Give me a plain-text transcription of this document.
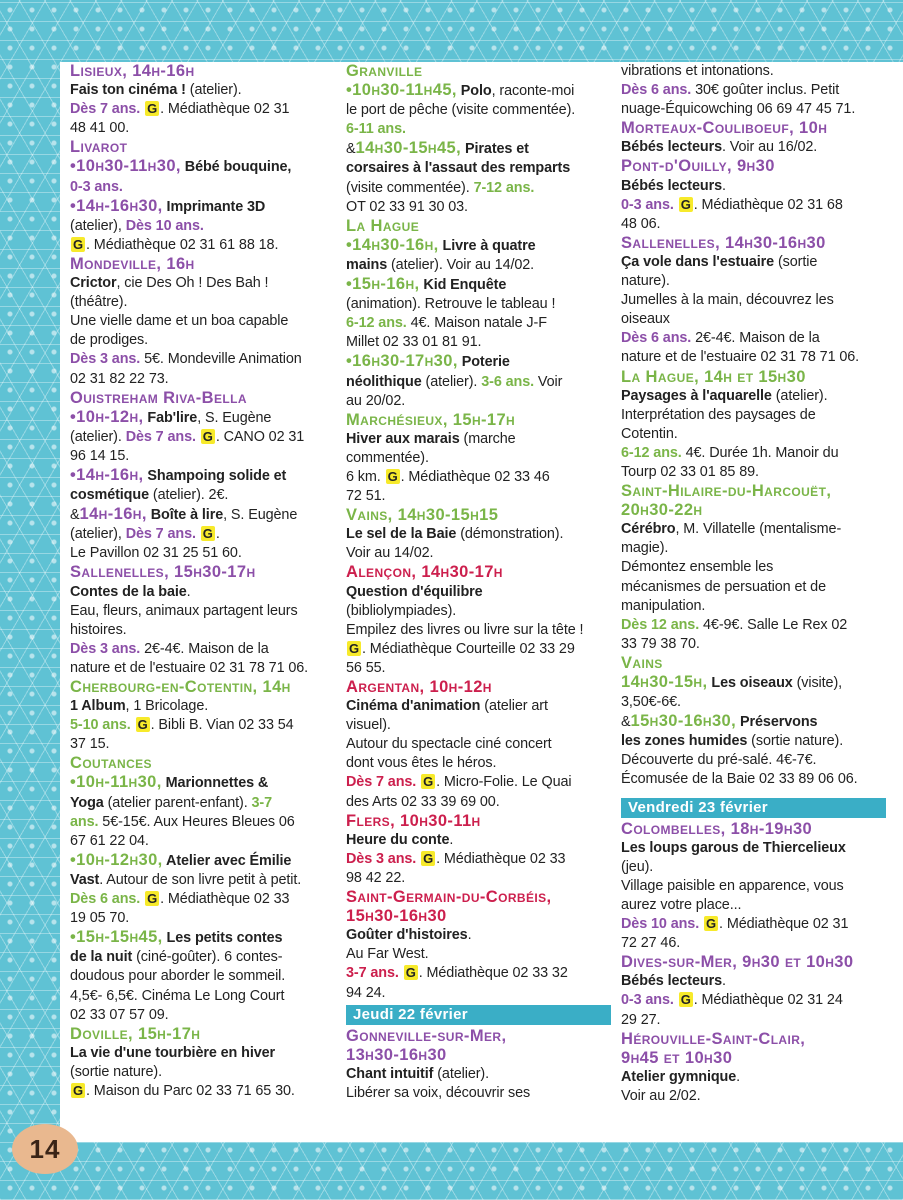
Lisieux, 14h-16h
Fais ton cinéma ! (atelier).
Dès 7 ans. G . Médiathèque 02 31
48 41 00.
Livarot
•10h30-11h30, Bébé bouquine,
0-3 ans.
•14h-16h30, Imprimante 3D
(atelier), Dès 10 ans.
G . Médiathèque 02 31 61 88 18.
Mondeville, 16h
Crictor, cie Des Oh ! Des Bah !
(théâtre).
Une vielle dame et un boa capable
de prodiges.
Dès 3 ans. 5€. Mondeville Animation
02 31 82 22 73.
Ouistreham Riva-Bella
•10h-12h, Fab'lire, S. Eugène
(atelier). Dès 7 ans. G . CANO 02 31
96 14 15.
•14h-16h, Shampoing solide et
cosmétique (atelier). 2€.
&14h-16h, Boîte à lire, S. Eugène
(atelier), Dès 7 ans. G .
Le Pavillon 02 31 25 51 60.
Sallenelles, 15h30-17h
Contes de la baie.
Eau, fleurs, animaux partagent leurs
histoires.
Dès 3 ans. 2€-4€. Maison de la
nature et de l'estuaire 02 31 78 71 06.
Cherbourg-en-Cotentin, 14h
1 Album, 1 Bricolage.
5-10 ans. G . Bibli B. Vian 02 33 54
37 15.
Coutances
•10h-11h30, Marionnettes &
Yoga (atelier parent-enfant). 3-7
ans. 5€-15€. Aux Heures Bleues 06
67 61 22 04.
•10h-12h30, Atelier avec Émilie
Vast. Autour de son livre petit à petit.
Dès 6 ans. G . Médiathèque 02 33
19 05 70.
•15h-15h45, Les petits contes
de la nuit (ciné-goûter). 6 contes-
doudous pour aborder le sommeil.
4,5€- 6,5€. Cinéma Le Long Court
02 33 07 57 09.
Doville, 15h-17h
La vie d'une tourbière en hiver
(sortie nature).
G . Maison du Parc 02 33 71 65 30.
Granville
•10h30-11h45, Polo, raconte-moi
le port de pêche (visite commentée).
6-11 ans.
&14h30-15h45, Pirates et
corsaires à l'assaut des remparts
(visite commentée). 7-12 ans.
OT 02 33 91 30 03.
La Hague
•14h30-16h, Livre à quatre
mains (atelier). Voir au 14/02.
•15h-16h, Kid Enquête
(animation). Retrouve le tableau !
6-12 ans. 4€. Maison natale J-F
Millet 02 33 01 81 91.
•16h30-17h30, Poterie
néolithique (atelier). 3-6 ans. Voir
au 20/02.
Marchésieux, 15h-17h
Hiver aux marais (marche
commentée).
6 km. G . Médiathèque 02 33 46
72 51.
Vains, 14h30-15h15
Le sel de la Baie (démonstration).
Voir au 14/02.
Alençon, 14h30-17h
Question d'équilibre
(bibliolympiades).
Empilez des livres ou livre sur la tête !
G . Médiathèque Courteille 02 33 29
56 55.
Argentan, 10h-12h
Cinéma d'animation (atelier art
visuel).
Autour du spectacle ciné concert
dont vous êtes le héros.
Dès 7 ans. G . Micro-Folie. Le Quai
des Arts 02 33 39 69 00.
Flers, 10h30-11h
Heure du conte.
Dès 3 ans. G . Médiathèque 02 33
98 42 22.
Saint-Germain-du-Corbéis,
15h30-16h30
Goûter d'histoires.
Au Far West.
3-7 ans. G . Médiathèque 02 33 32
94 24.
Jeudi 22 février
Gonneville-sur-Mer,
13h30-16h30
Chant intuitif (atelier).
Libérer sa voix, découvrir ses
vibrations et intonations.
Dès 6 ans. 30€ goûter inclus. Petit
nuage-Équicowching 06 69 47 45 71.
Morteaux-Couliboeuf, 10h
Bébés lecteurs. Voir au 16/02.
Pont-d'Ouilly, 9h30
Bébés lecteurs.
0-3 ans. G . Médiathèque 02 31 68
48 06.
Sallenelles, 14h30-16h30
Ça vole dans l'estuaire (sortie
nature).
Jumelles à la main, découvrez les
oiseaux
Dès 6 ans. 2€-4€. Maison de la
nature et de l'estuaire 02 31 78 71 06.
La Hague, 14h et 15h30
Paysages à l'aquarelle (atelier).
Interprétation des paysages de
Cotentin.
6-12 ans. 4€. Durée 1h. Manoir du
Tourp 02 33 01 85 89.
Saint-Hilaire-du-Harcouët,
20h30-22h
Cérébro, M. Villatelle (mentalisme-
magie).
Démontez ensemble les
mécanismes de persuation et de
manipulation.
Dès 12 ans. 4€-9€. Salle Le Rex 02
33 79 38 70.
Vains
14h30-15h, Les oiseaux (visite),
3,50€-6€.
&15h30-16h30, Préservons
les zones humides (sortie nature).
Découverte du pré-salé. 4€-7€.
Écomusée de la Baie 02 33 89 06 06.
Vendredi 23 février
Colombelles, 18h-19h30
Les loups garous de Thiercelieux
(jeu).
Village paisible en apparence, vous
aurez votre place...
Dès 10 ans. G . Médiathèque 02 31
72 27 46.
Dives-sur-Mer, 9h30 et 10h30
Bébés lecteurs.
0-3 ans. G . Médiathèque 02 31 24
29 27.
Hérouville-Saint-Clair,
9h45 et 10h30
Atelier gymnique.
Voir au 2/02.
14
